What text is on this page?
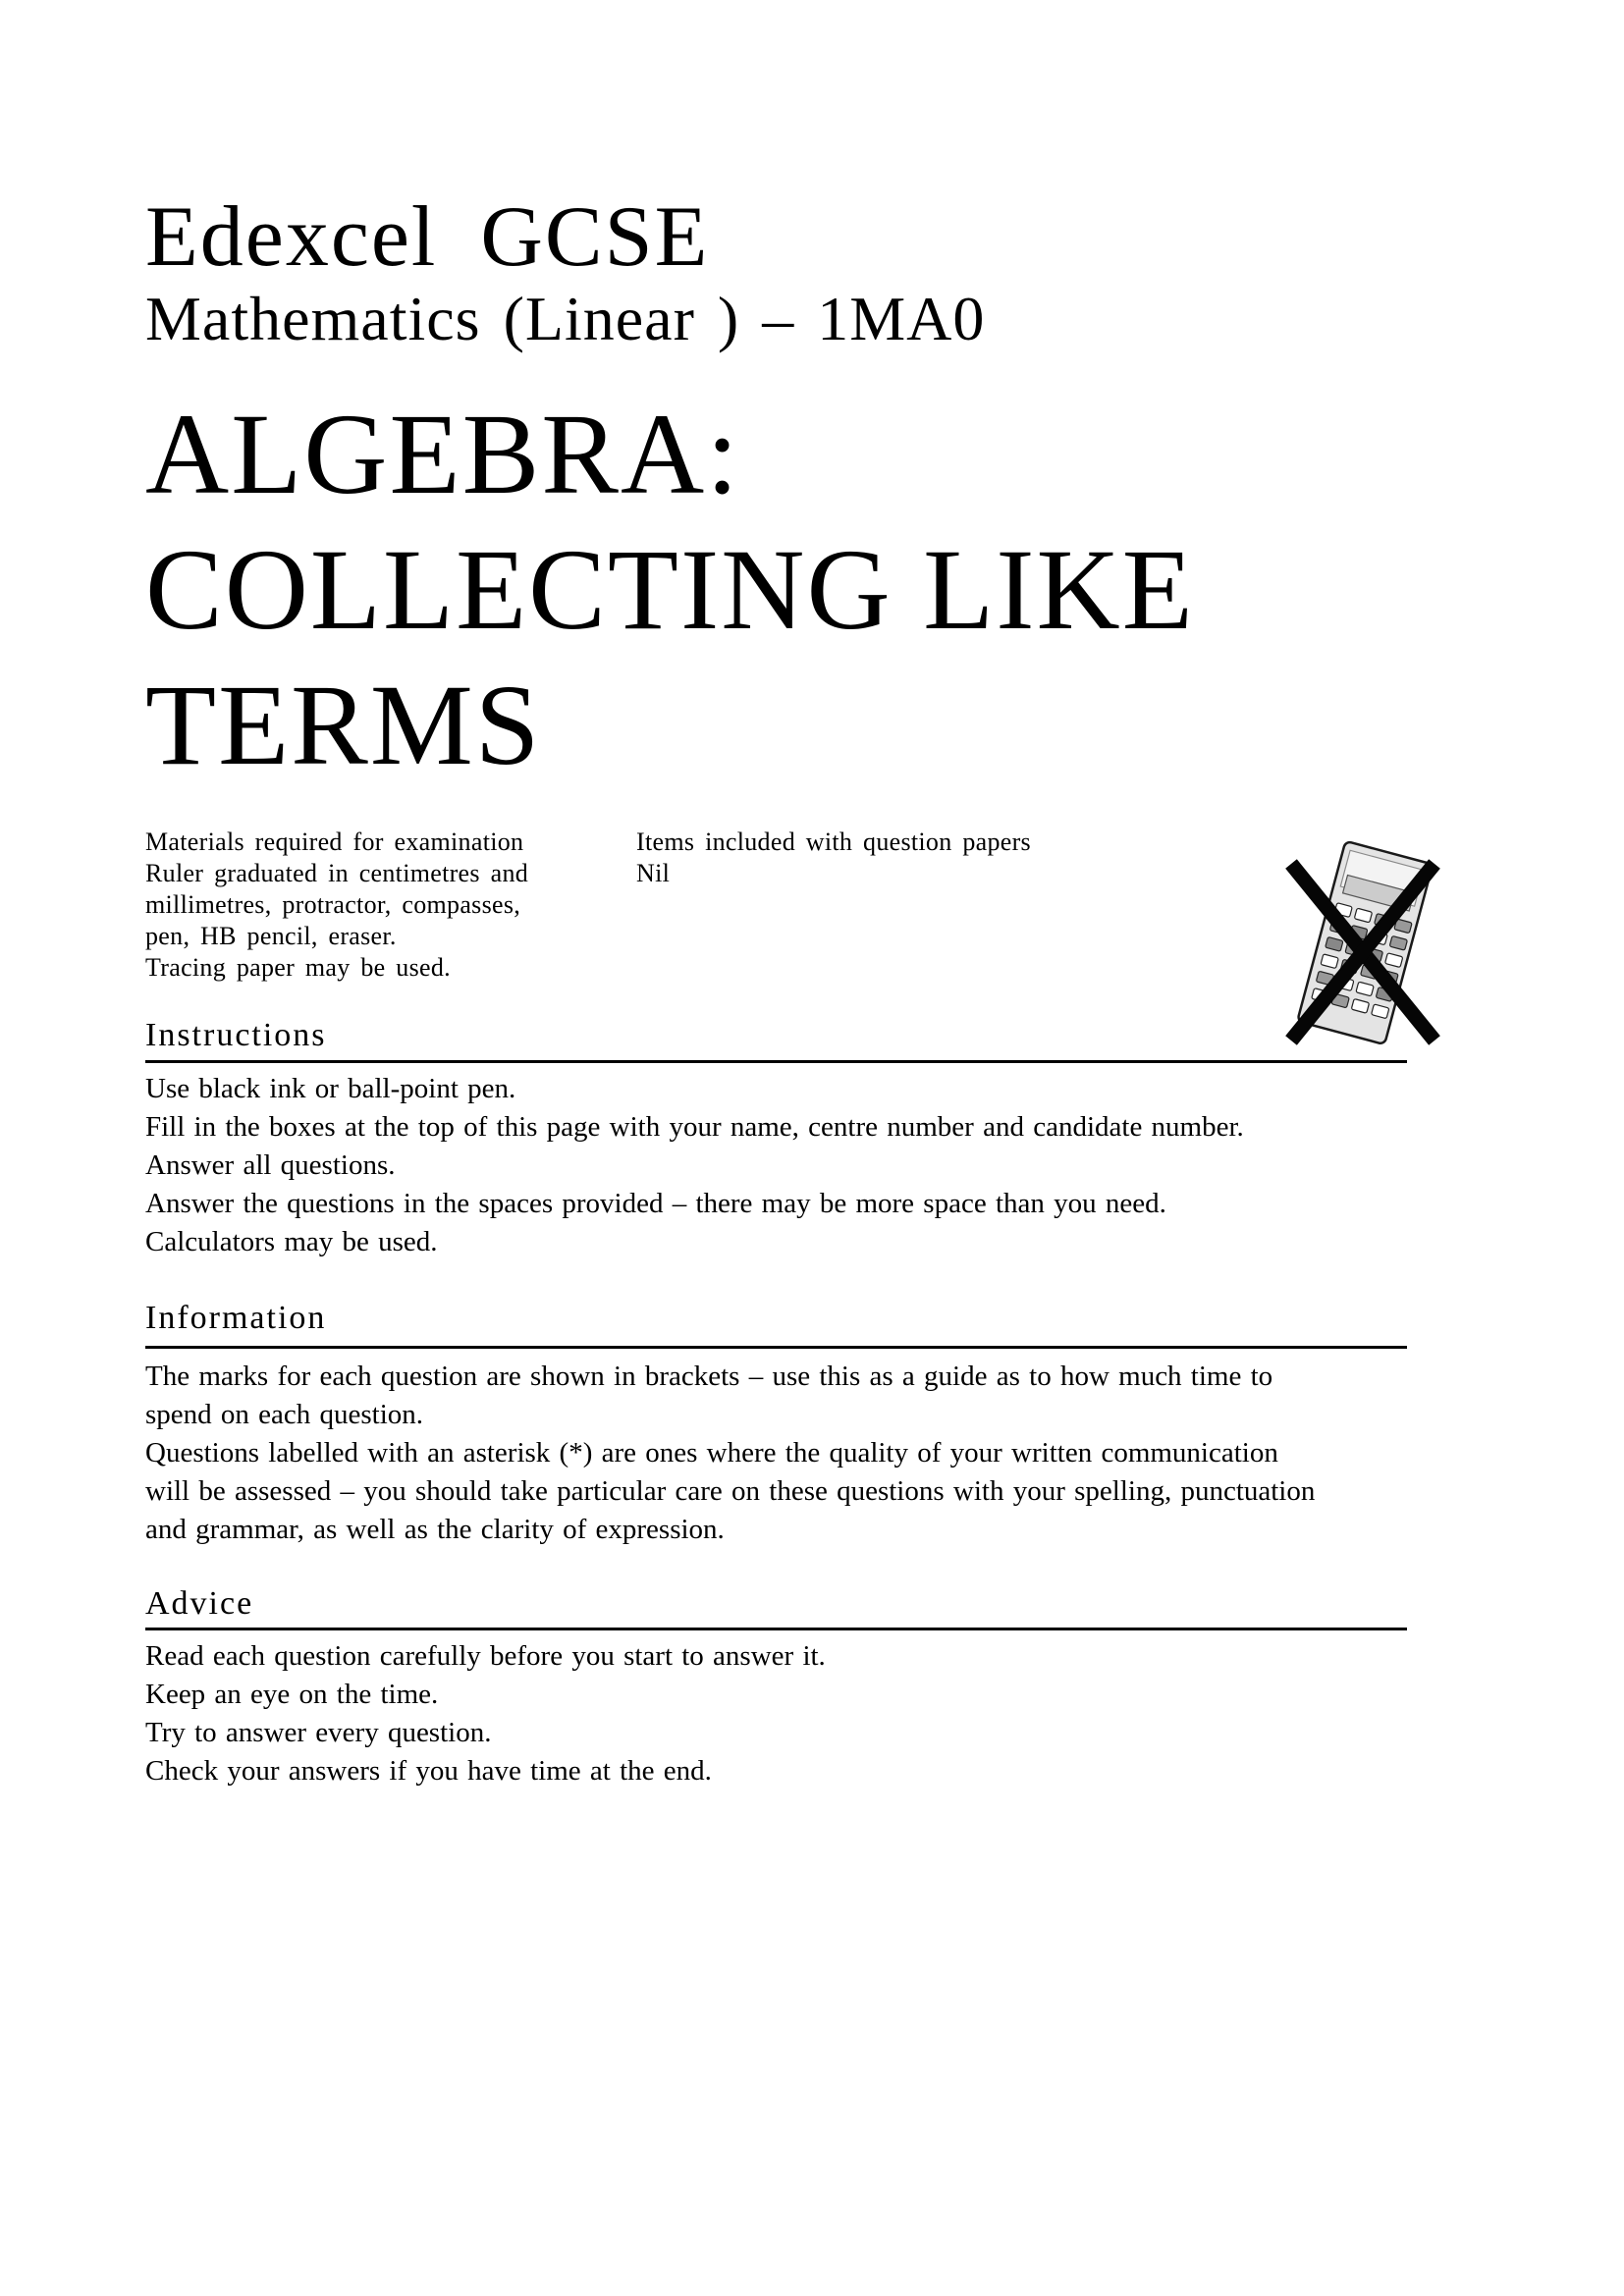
Edexcel GCSE
Mathematics (Linear ) – 1MA0
ALGEBRA:
COLLECTING LIKE
TERMS
Materials required for examination
Ruler graduated in centimetres and
millimetres, protractor, compasses,
pen, HB pencil, eraser.
Tracing paper may be used.
Items included with question papers
Nil
Instructions
Use black ink or ball-point pen.
Fill in the boxes at the top of this page with your name, centre number and candidate number.
Answer all questions.
Answer the questions in the spaces provided – there may be more space than you need.
Calculators may be used.
Information
The marks for each question are shown in brackets – use this as a guide as to how much time to
spend on each question.
Questions labelled with an asterisk (*) are ones where the quality of your written communication
will be assessed – you should take particular care on these questions with your spelling, punctuation
and grammar, as well as the clarity of expression.
Advice
Read each question carefully before you start to answer it.
Keep an eye on the time.
Try to answer every question.
Check your answers if you have time at the end.
